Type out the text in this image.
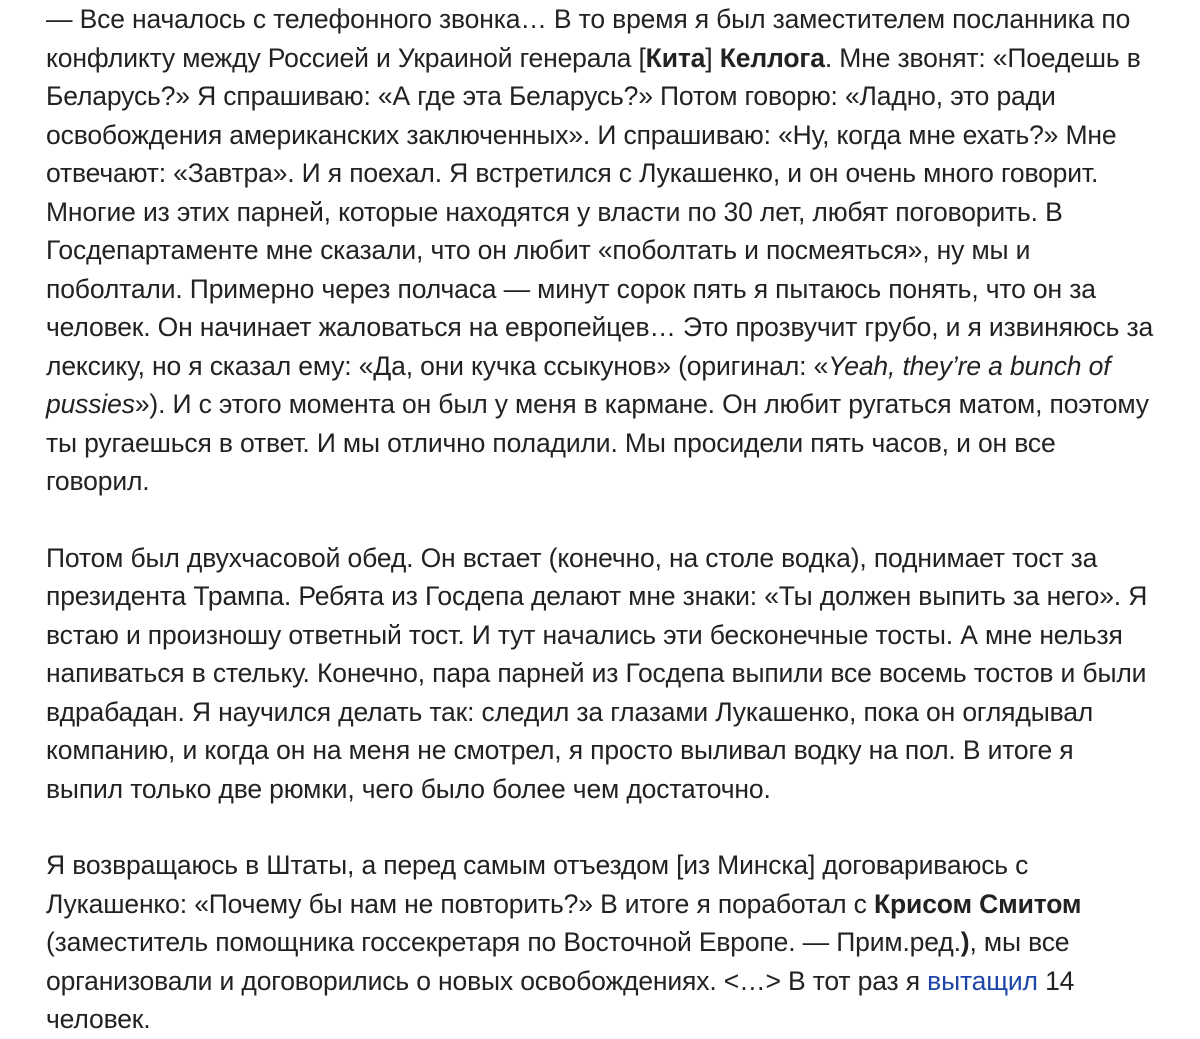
— Все началось с телефонного звонка… В то время я был заместителем посланника по
конфликту между Россией и Украиной генерала [Кита] Келлога. Мне звонят: «Поедешь в
Беларусь?» Я спрашиваю: «А где эта Беларусь?» Потом говорю: «Ладно, это ради
освобождения американских заключенных». И спрашиваю: «Ну, когда мне ехать?» Мне
отвечают: «Завтра». И я поехал. Я встретился с Лукашенко, и он очень много говорит.
Многие из этих парней, которые находятся у власти по 30 лет, любят поговорить. В
Госдепартаменте мне сказали, что он любит «поболтать и посмеяться», ну мы и
поболтали. Примерно через полчаса — минут сорок пять я пытаюсь понять, что он за
человек. Он начинает жаловаться на европейцев… Это прозвучит грубо, и я извиняюсь за
лексику, но я сказал ему: «Да, они кучка ссыкунов» (оригинал: «Yeah, they’re a bunch of
pussies»). И с этого момента он был у меня в кармане. Он любит ругаться матом, поэтому
ты ругаешься в ответ. И мы отлично поладили. Мы просидели пять часов, и он все
говорил.

Потом был двухчасовой обед. Он встает (конечно, на столе водка), поднимает тост за
президента Трампа. Ребята из Госдепа делают мне знаки: «Ты должен выпить за него». Я
встаю и произношу ответный тост. И тут начались эти бесконечные тосты. А мне нельзя
напиваться в стельку. Конечно, пара парней из Госдепа выпили все восемь тостов и были
вдрабадан. Я научился делать так: следил за глазами Лукашенко, пока он оглядывал
компанию, и когда он на меня не смотрел, я просто выливал водку на пол. В итоге я
выпил только две рюмки, чего было более чем достаточно.

Я возвращаюсь в Штаты, а перед самым отъездом [из Минска] договариваюсь с
Лукашенко: «Почему бы нам не повторить?» В итоге я поработал с Крисом Смитом
(заместитель помощника госсекретаря по Восточной Европе. — Прим.ред.), мы все
организовали и договорились о новых освобождениях. <…> В тот раз я вытащил 14
человек.
